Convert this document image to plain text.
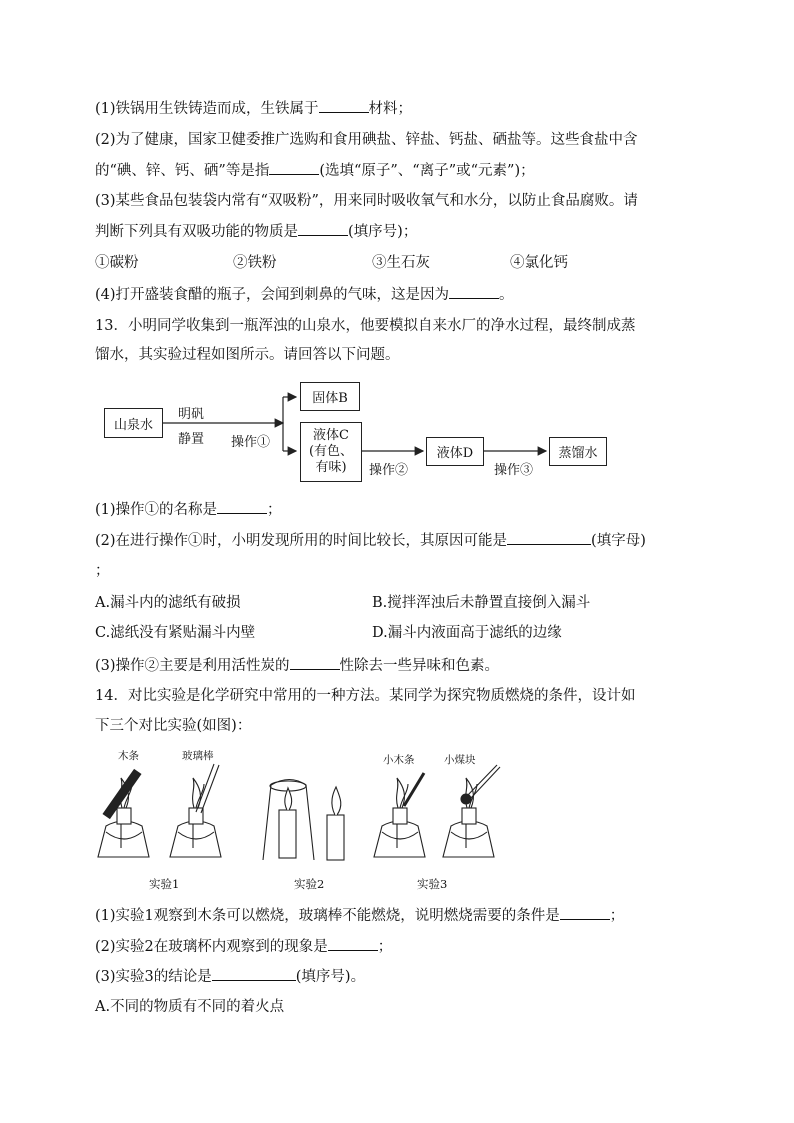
(1)铁锅用生铁铸造而成，生铁属于	材料；
(2)为了健康，国家卫健委推广选购和食用碘盐、锌盐、钙盐、硒盐等。这些食盐中含
的“碘、锌、钙、硒”等是指	(选填“原子”、“离子”或“元素”)；
(3)某些食品包装袋内常有“双吸粉”，用来同时吸收氧气和水分，以防止食品腐败。请
判断下列具有双吸功能的物质是	(填序号)；
①碳粉	②铁粉	③生石灰	④氯化钙
(4)打开盛装食醋的瓶子，会闻到刺鼻的气味，这是因为	。
13．小明同学收集到一瓶浑浊的山泉水，他要模拟自来水厂的净水过程，最终制成蒸
馏水，其实验过程如图所示。请回答以下问题。
山泉水
明矾
静置 操作①
固体B
液体C
(有色、
有味) 操作②
液体D
操作③
蒸馏水
(1)操作①的名称是	；
(2)在进行操作①时，小明发现所用的时间比较长，其原因可能是	(填字母)
；
A.漏斗内的滤纸有破损	B.搅拌浑浊后未静置直接倒入漏斗
C.滤纸没有紧贴漏斗内壁	D.漏斗内液面高于滤纸的边缘
(3)操作②主要是利用活性炭的	性除去一些异味和色素。
14．对比实验是化学研究中常用的一种方法。某同学为探究物质燃烧的条件，设计如
下三个对比实验(如图)：
木条	玻璃棒	小木条	小煤块
实验1	实验2	实验3
(1)实验1观察到木条可以燃烧，玻璃棒不能燃烧，说明燃烧需要的条件是	；
(2)实验2在玻璃杯内观察到的现象是	；
(3)实验3的结论是	(填序号)。
A.不同的物质有不同的着火点
